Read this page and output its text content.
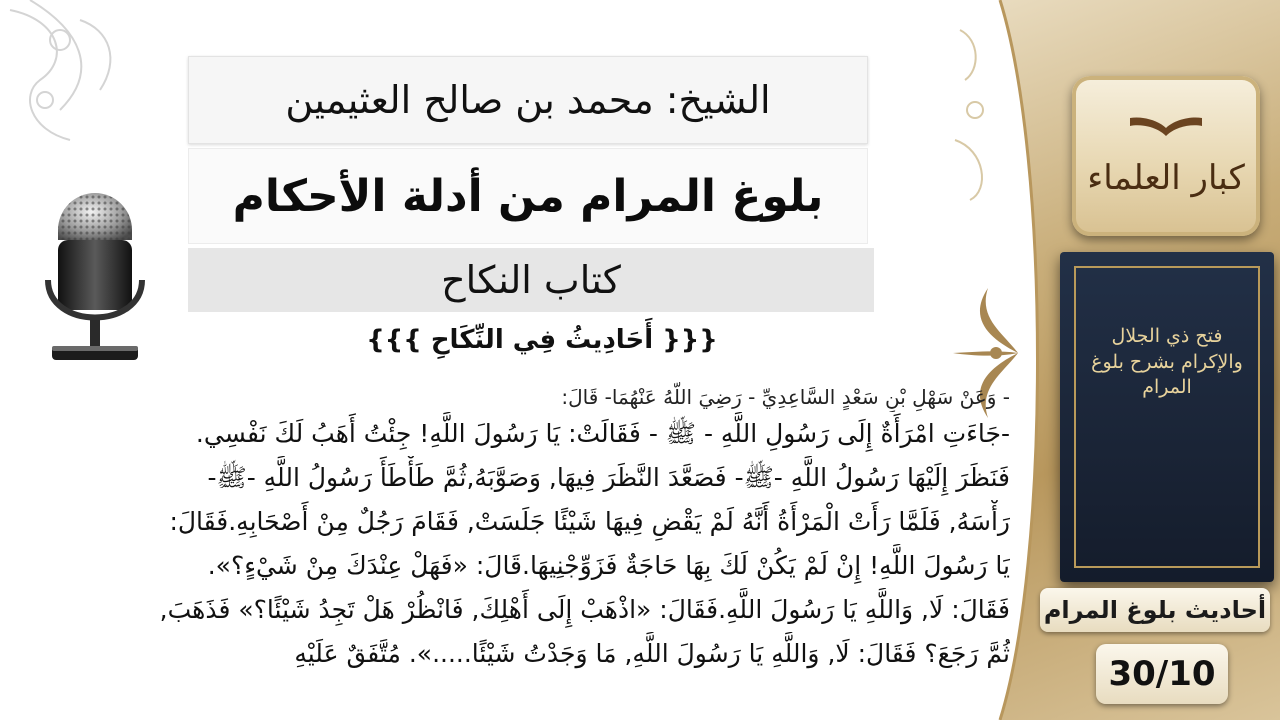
كبار العلماء
فتح ذي الجلال والإكرام بشرح بلوغ المرام
أحاديث بلوغ المرام
30/10
الشيخ: محمد بن صالح العثيمين
بلوغ المرام من أدلة الأحكام
كتاب النكاح
{{{ أَحَادِيثُ فِي النِّكَاحِ }}}
- وَعَنْ سَهْلِ بْنِ سَعْدٍ السَّاعِدِيِّ - رَضِيَ اللَّهُ عَنْهُمَا- قَالَ:
-جَاءَتِ امْرَأَةٌ إِلَى رَسُولِ اللَّهِ - ﷺ - فَقَالَتْ: يَا رَسُولَ اللَّهِ! جِئْتُ أَهَبُ لَكَ نَفْسِي.
فَنَظَرَ إِلَيْهَا رَسُولُ اللَّهِ -ﷺ- فَصَعَّدَ النَّظَرَ فِيهَا, وَصَوَّبَهُ,ثُمَّ طَأْطَأَ رَسُولُ اللَّهِ -ﷺ-
رَأْسَهُ, فَلَمَّا رَأَتْ الْمَرْأَةُ أَنَّهُ لَمْ يَقْضِ فِيهَا شَيْئًا جَلَسَتْ, فَقَامَ رَجُلٌ مِنْ أَصْحَابِهِ.فَقَالَ:
يَا رَسُولَ اللَّهِ! إِنْ لَمْ يَكُنْ لَكَ بِهَا حَاجَةٌ فَزَوِّجْنِيهَا.قَالَ: «فَهَلْ عِنْدَكَ مِنْ شَيْءٍ؟».
فَقَالَ: لَا, وَاللَّهِ يَا رَسُولَ اللَّهِ.فَقَالَ: «اذْهَبْ إِلَى أَهْلِكَ, فَانْظُرْ هَلْ تَجِدُ شَيْئًا؟» فَذَهَبَ,
ثُمَّ رَجَعَ؟ فَقَالَ: لَا, وَاللَّهِ يَا رَسُولَ اللَّهِ, مَا وَجَدْتُ شَيْئًا.....». مُتَّفَقٌ عَلَيْهِ
